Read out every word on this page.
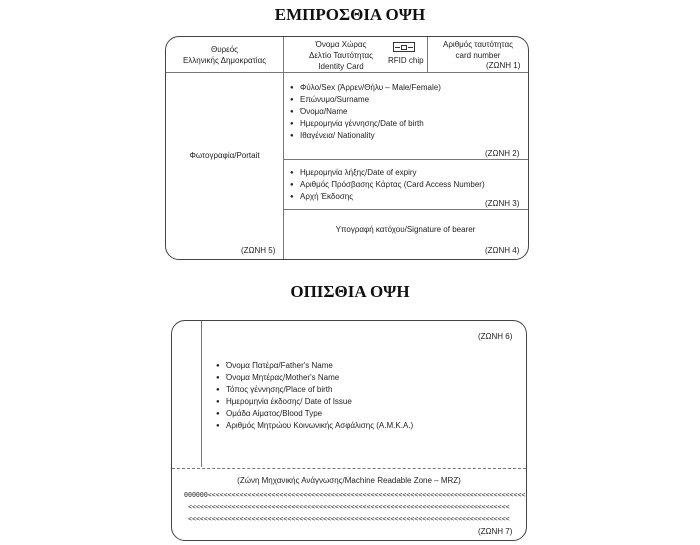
ΕΜΠΡΟΣΘΙΑ ΟΨΗ
Θυρεός
Ελληνικής Δημοκρατίας
Όνομα Χώρας
Δελτίο Ταυτότητας
Identity Card
RFID chip
Αριθμός ταυτότητας
card number
(ΖΩΝΗ 1)
Φωτογραφία/Portait
(ΖΩΝΗ 5)
● Φύλο/Sex (Άρρεν/Θήλυ – Male/Female)
● Επώνυμο/Surname
● Όνομα/Name
● Ημερομηνία γέννησης/Date of birth
● Ιθαγένεια/ Nationality
(ΖΩΝΗ 2)
● Ημερομηνία λήξης/Date of expiry
● Αριθμός Πρόσβασης Κάρτας (Card Access Number)
● Αρχή Έκδοσης
(ΖΩΝΗ 3)
Υπογραφή κατόχου/Signature of bearer
(ΖΩΝΗ 4)
ΟΠΙΣΘΙΑ ΟΨΗ
(ΖΩΝΗ 6)
● Όνομα Πατέρα/Father's Name
● Όνομα Μητέρας/Mother's Name
● Τόπος γέννησης/Place of birth
● Ημερομηνία έκδοσης/ Date of Issue
● Ομάδα Αίματος/Blood Type
● Αριθμός Μητρώου Κοινωνικής Ασφάλισης (Α.Μ.Κ.Α.)
(Ζώνη Μηχανικής Ανάγνωσης/Machine Readable Zone – MRZ)
000000<<<<<<<<<<<<<<<<<<<<<<<<<<<<<<<<<<<<<<<<<<<<<<<<<<<<<<<<<<<<<<<<<<<<<<<<<<<<<<<<
<<<<<<<<<<<<<<<<<<<<<<<<<<<<<<<<<<<<<<<<<<<<<<<<<<<<<<<<<<<<<<<<<<<<<<<<<<<<<<<<<
<<<<<<<<<<<<<<<<<<<<<<<<<<<<<<<<<<<<<<<<<<<<<<<<<<<<<<<<<<<<<<<<<<<<<<<<<<<<<<<<<
(ΖΩΝΗ 7)
